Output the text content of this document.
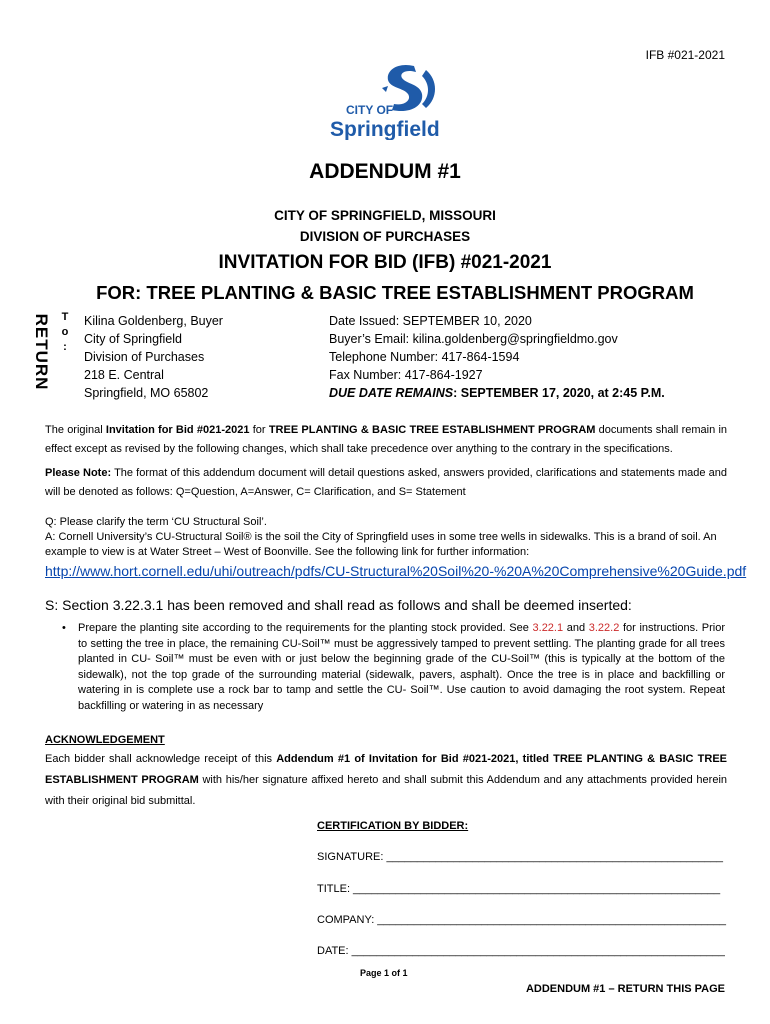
IFB #021-2021
CITY OF
Springfield
ADDENDUM #1
CITY OF SPRINGFIELD, MISSOURI
DIVISION OF PURCHASES
INVITATION FOR BID (IFB) #021-2021
FOR: TREE PLANTING & BASIC TREE ESTABLISHMENT PROGRAM
RETURN T
o
:
Kilina Goldenberg, Buyer
City of Springfield
Division of Purchases
218 E. Central
Springfield, MO 65802
Date Issued: SEPTEMBER 10, 2020
Buyer’s Email: kilina.goldenberg@springfieldmo.gov
Telephone Number: 417-864-1594
Fax Number: 417-864-1927
DUE DATE REMAINS: SEPTEMBER 17, 2020, at 2:45 P.M.
The original Invitation for Bid #021-2021 for TREE PLANTING & BASIC TREE ESTABLISHMENT PROGRAM documents shall remain in effect except as revised by the following changes, which shall take precedence over anything to the contrary in the specifications.
Please Note: The format of this addendum document will detail questions asked, answers provided, clarifications and statements made and will be denoted as follows: Q=Question, A=Answer, C= Clarification, and S= Statement
Q: Please clarify the term ‘CU Structural Soil’.
A: Cornell University’s CU-Structural Soil® is the soil the City of Springfield uses in some tree wells in sidewalks. This is a brand of soil. An example to view is at Water Street – West of Boonville. See the following link for further information:
http://www.hort.cornell.edu/uhi/outreach/pdfs/CU-Structural%20Soil%20-%20A%20Comprehensive%20Guide.pdf
S: Section 3.22.3.1 has been removed and shall read as follows and shall be deemed inserted:
• Prepare the planting site according to the requirements for the planting stock provided. See 3.22.1 and 3.22.2 for instructions. Prior to setting the tree in place, the remaining CU-Soil™ must be aggressively tamped to prevent settling. The planting grade for all trees planted in CU- Soil™ must be even with or just below the beginning grade of the CU-Soil™ (this is typically at the bottom of the sidewalk), not the top grade of the surrounding material (sidewalk, pavers, asphalt). Once the tree is in place and backfilling or watering in is complete use a rock bar to tamp and settle the CU- Soil™. Use caution to avoid damaging the root system. Repeat backfilling or watering in as necessary
ACKNOWLEDGEMENT
Each bidder shall acknowledge receipt of this Addendum #1 of Invitation for Bid #021-2021, titled TREE PLANTING & BASIC TREE ESTABLISHMENT PROGRAM with his/her signature affixed hereto and shall submit this Addendum and any attachments provided herein with their original bid submittal.
CERTIFICATION BY BIDDER:
SIGNATURE: _______________________________________________________
TITLE: ____________________________________________________________
COMPANY: _________________________________________________________
DATE: _____________________________________________________________
Page 1 of 1
ADDENDUM #1 – RETURN THIS PAGE
